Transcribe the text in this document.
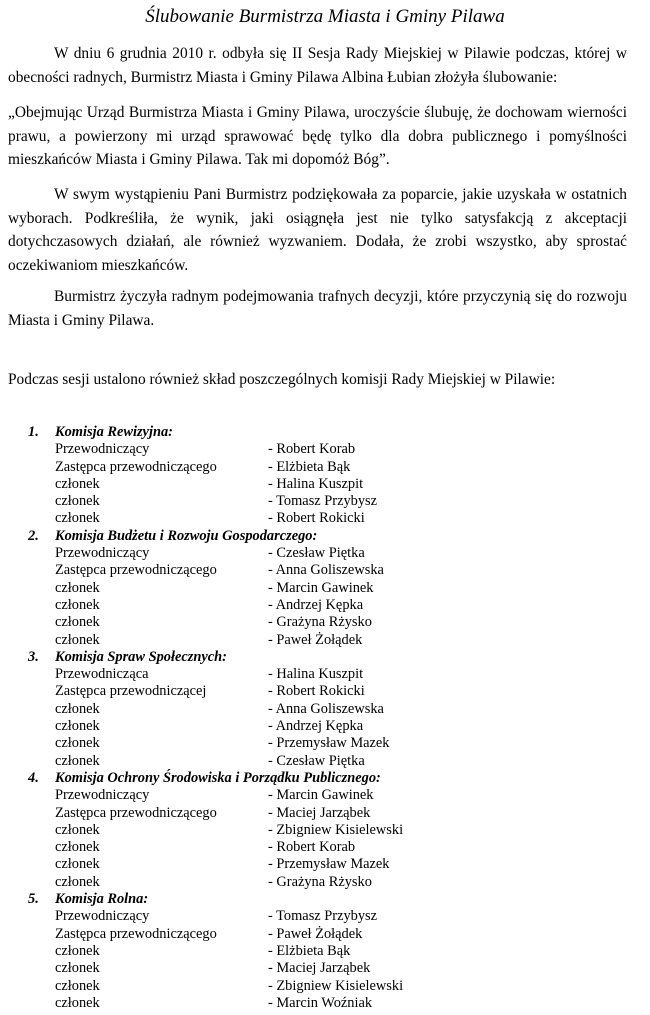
Ślubowanie Burmistrza Miasta i Gminy Pilawa

W dniu 6 grudnia 2010 r. odbyła się II Sesja Rady Miejskiej w Pilawie podczas, której w obecności radnych, Burmistrz Miasta i Gminy Pilawa Albina Łubian złożyła ślubowanie:

„Obejmując Urząd Burmistrza Miasta i Gminy Pilawa, uroczyście ślubuję, że dochowam wierności prawu, a powierzony mi urząd sprawować będę tylko dla dobra publicznego i pomyślności mieszkańców Miasta i Gminy Pilawa. Tak mi dopomóż Bóg”.

W swym wystąpieniu Pani Burmistrz podziękowała za poparcie, jakie uzyskała w ostatnich wyborach. Podkreśliła, że wynik, jaki osiągnęła jest nie tylko satysfakcją z akceptacji dotychczasowych działań, ale również wyzwaniem. Dodała, że zrobi wszystko, aby sprostać oczekiwaniom mieszkańców.

Burmistrz życzyła radnym podejmowania trafnych decyzji, które przyczynią się do rozwoju Miasta i Gminy Pilawa.

Podczas sesji ustalono również skład poszczególnych komisji Rady Miejskiej w Pilawie:

1.	Komisja Rewizyjna:
Przewodniczący	- Robert Korab
Zastępca przewodniczącego	- Elżbieta Bąk
członek	- Halina Kuszpit
członek	- Tomasz Przybysz
członek	- Robert Rokicki
2.	Komisja Budżetu i Rozwoju Gospodarczego:
Przewodniczący	- Czesław Piętka
Zastępca przewodniczącego	- Anna Goliszewska
członek	- Marcin Gawinek
członek	- Andrzej Kępka
członek	- Grażyna Rżysko
członek	- Paweł Żołądek
3.	Komisja Spraw Społecznych:
Przewodnicząca	- Halina Kuszpit
Zastępca przewodniczącej	- Robert Rokicki
członek	- Anna Goliszewska
członek	- Andrzej Kępka
członek	- Przemysław Mazek
członek	- Czesław Piętka
4.	Komisja Ochrony Środowiska i Porządku Publicznego:
Przewodniczący	- Marcin Gawinek
Zastępca przewodniczącego	- Maciej Jarząbek
członek	- Zbigniew Kisielewski
członek	- Robert Korab
członek	- Przemysław Mazek
członek	- Grażyna Rżysko
5.	Komisja Rolna:
Przewodniczący	- Tomasz Przybysz
Zastępca przewodniczącego	- Paweł Żołądek
członek	- Elżbieta Bąk
członek	- Maciej Jarząbek
członek	- Zbigniew Kisielewski
członek	- Marcin Woźniak
